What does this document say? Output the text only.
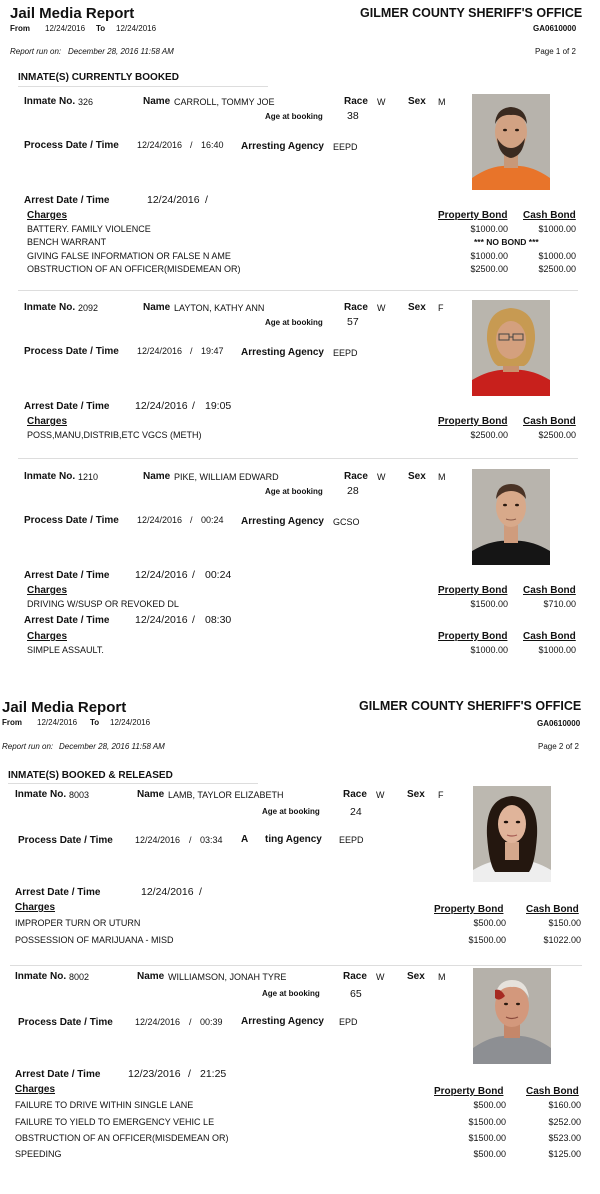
Jail Media Report	GILMER COUNTY SHERIFF'S OFFICE
From 12/24/2016 To 12/24/2016	GA0610000
Report run on: December 28, 2016 11:58 AM	Page 1 of 2
INMATE(S) CURRENTLY BOOKED
Inmate No. 326	Name CARROLL, TOMMY JOE	Race W Sex M
Age at booking 38
Process Date / Time 12/24/2016 / 16:40 Arresting Agency EEPD
Arrest Date / Time	12/24/2016 /
Charges	Property Bond Cash Bond
BATTERY. FAMILY VIOLENCE	$1000.00	$1000.00
BENCH WARRANT	*** NO BOND ***
GIVING FALSE INFORMATION OR FALSE N AME	$1000.00	$1000.00
OBSTRUCTION OF AN OFFICER(MISDEMEAN OR)	$2500.00	$2500.00
Inmate No. 2092	Name LAYTON, KATHY ANN	Race W Sex F
Age at booking 57
Process Date / Time 12/24/2016 / 19:47 Arresting Agency EEPD
Arrest Date / Time 12/24/2016 / 19:05
Charges	Property Bond Cash Bond
POSS,MANU,DISTRIB,ETC VGCS (METH)	$2500.00	$2500.00
Inmate No. 1210	Name PIKE, WILLIAM EDWARD	Race W Sex M
Age at booking 28
Process Date / Time 12/24/2016 / 00:24 Arresting Agency GCSO
Arrest Date / Time 12/24/2016 / 00:24
Charges	Property Bond Cash Bond
DRIVING W/SUSP OR REVOKED DL	$1500.00	$710.00
Arrest Date / Time 12/24/2016 / 08:30
Charges	Property Bond Cash Bond
SIMPLE ASSAULT.	$1000.00	$1000.00
Jail Media Report	GILMER COUNTY SHERIFF'S OFFICE
From 12/24/2016 To 12/24/2016	GA0610000
Report run on: December 28, 2016 11:58 AM	Page 2 of 2
INMATE(S) BOOKED & RELEASED
Inmate No. 8003	Name LAMB, TAYLOR ELIZABETH	Race W Sex F
Age at booking	24
Process Date / Time 12/24/2016 / 03:34 A ting Agency EEPD
Arrest Date / Time	12/24/2016 /
Charges	Property Bond Cash Bond
IMPROPER TURN OR UTURN	$500.00	$150.00
POSSESSION OF MARIJUANA - MISD	$1500.00	$1022.00
Inmate No. 8002	Name WILLIAMSON, JONAH TYRE	Race W Sex M
Age at booking	65
Process Date / Time 12/24/2016 / 00:39 Arresting Agency EPD
Arrest Date / Time	12/23/2016 / 21:25
Charges	Property Bond Cash Bond
FAILURE TO DRIVE WITHIN SINGLE LANE	$500.00	$160.00
FAILURE TO YIELD TO EMERGENCY VEHIC LE	$1500.00	$252.00
OBSTRUCTION OF AN OFFICER(MISDEMEAN OR)	$1500.00	$523.00
SPEEDING	$500.00	$125.00
